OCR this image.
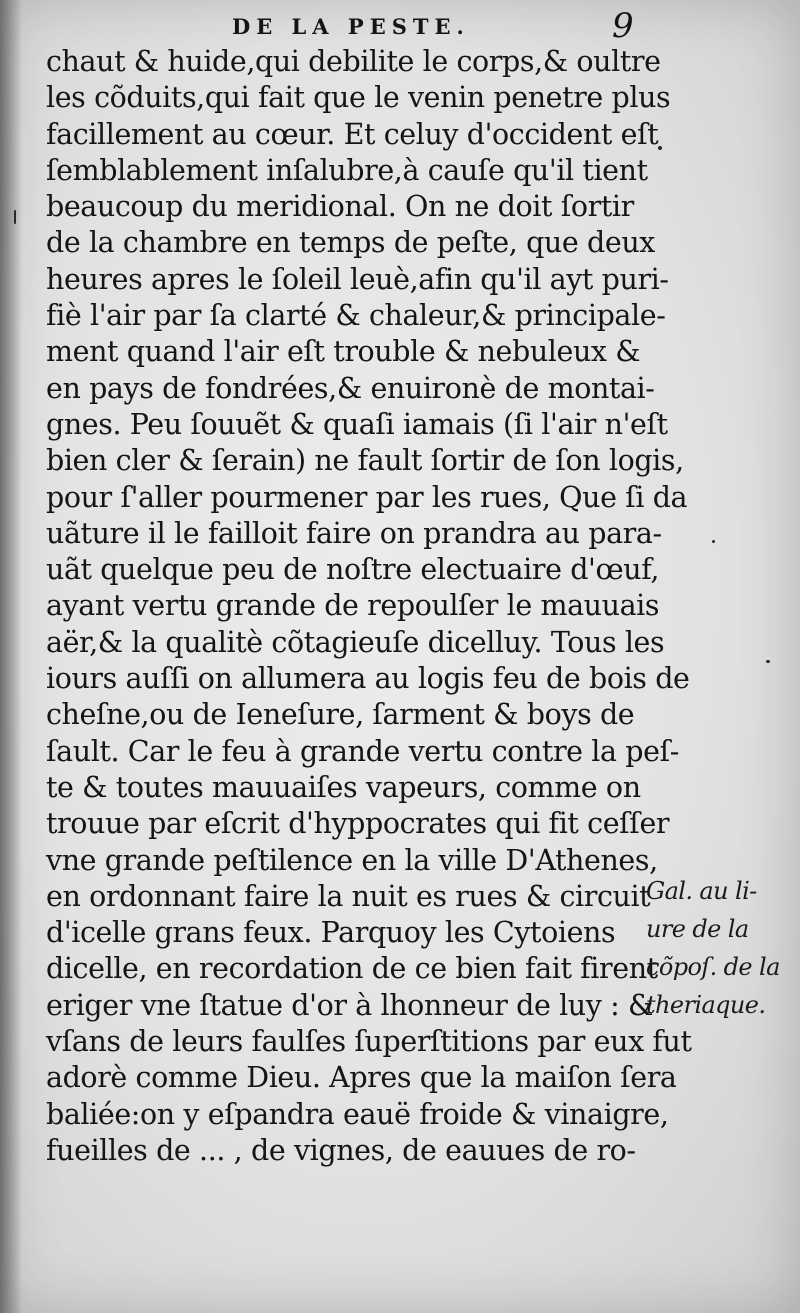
DE LA PESTE.	9
chaut & huide,qui debilite le corps,& oultre
les cõduits,qui fait que le venin penetre plus
facillement au cœur. Et celuy d'occident eſt
ſemblablement inſalubre,à cauſe qu'il tient
beaucoup du meridional. On ne doit ſortir
de la chambre en temps de peſte, que deux
heures apres le ſoleil leuè,afin qu'il ayt puri-
fiè l'air par ſa clarté & chaleur,& principale-
ment quand l'air eſt trouble & nebuleux &
en pays de fondrées,& enuironè de montai-
gnes. Peu ſouuẽt & quaſi iamais (ſi l'air n'eſt
bien cler & ſerain) ne fault ſortir de ſon logis,
pour ſ'aller pourmener par les rues, Que ſi da
uãture il le failloit faire on prandra au para-
uãt quelque peu de noſtre electuaire d'œuf,
ayant vertu grande de repoulſer le mauuais
aër,& la qualitè cõtagieuſe dicelluy. Tous les
iours auſſi on allumera au logis feu de bois de
cheſne,ou de Ieneſure, ſarment & boys de
ſault. Car le feu à grande vertu contre la peſ-
te & toutes mauuaiſes vapeurs, comme on
trouue par eſcrit d'hyppocrates qui fit ceſſer
vne grande peſtilence en la ville D'Athenes,
en ordonnant faire la nuit es rues & circuit
d'icelle grans feux. Parquoy les Cytoiens
dicelle, en recordation de ce bien fait firent
eriger vne ſtatue d'or à lhonneur de luy : &
vſans de leurs faulſes ſuperſtitions par eux fut
adorè comme Dieu. Apres que la maiſon ſera
baliée:on y eſpandra eauë froide & vinaigre,
fueilles de ... , de vignes, de eauues de ro-
Gal. au li-
ure de la
cõpoſ. de la
theriaque.
